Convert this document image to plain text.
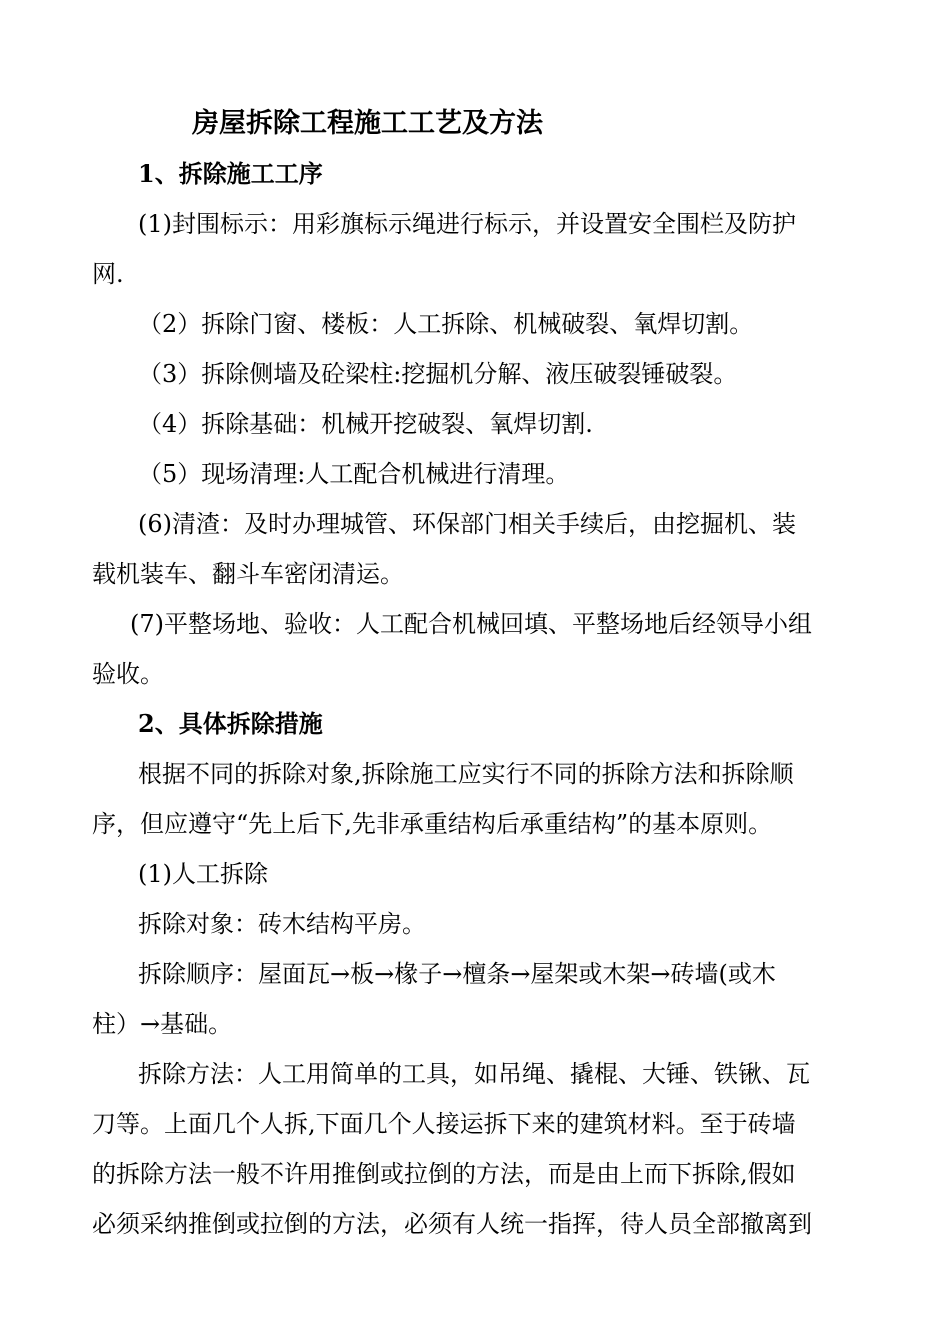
房屋拆除工程施工工艺及方法
1、拆除施工工序
(1)封围标示：用彩旗标示绳进行标示，并设置安全围栏及防护
网.
（2）拆除门窗、楼板：人工拆除、机械破裂、氧焊切割。
（3）拆除侧墙及砼梁柱:挖掘机分解、液压破裂锤破裂。
（4）拆除基础：机械开挖破裂、氧焊切割.
（5）现场清理:人工配合机械进行清理。
(6)清渣：及时办理城管、环保部门相关手续后，由挖掘机、装
载机装车、翻斗车密闭清运。
(7)平整场地、验收：人工配合机械回填、平整场地后经领导小组
验收。
2、具体拆除措施
根据不同的拆除对象,拆除施工应实行不同的拆除方法和拆除顺
序，但应遵守“先上后下,先非承重结构后承重结构”的基本原则。
(1)人工拆除
拆除对象：砖木结构平房。
拆除顺序：屋面瓦→板→椽子→檀条→屋架或木架→砖墙(或木
柱）→基础。
拆除方法：人工用简单的工具，如吊绳、撬棍、大锤、铁锹、瓦
刀等。上面几个人拆,下面几个人接运拆下来的建筑材料。至于砖墙
的拆除方法一般不许用推倒或拉倒的方法，而是由上而下拆除,假如
必须采纳推倒或拉倒的方法，必须有人统一指挥，待人员全部撤离到
